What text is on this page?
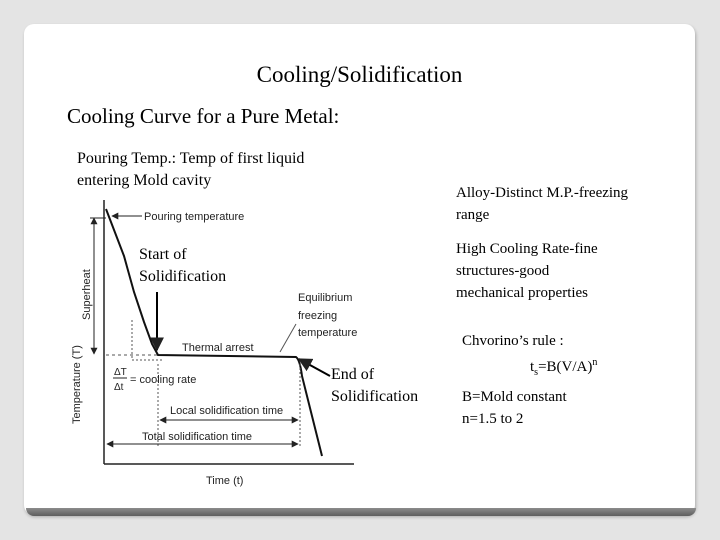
Cooling/Solidification
Cooling Curve for a Pure Metal:
Pouring Temp.: Temp of first liquid
entering Mold cavity
Start of
Solidification
End of
Solidification
Alloy-Distinct M.P.-freezing
range
High Cooling Rate-fine
structures-good
mechanical properties
Chvorino’s rule :
$t_s=B(V/A)^n$
B=Mold constant
n=1.5 to 2
Pouring temperature
Temperature (T)
Superheat	Equilibrium
freezing
temperature
Thermal arrest
ΔT
Δt
= cooling rate
Local solidification time
Total solidification time
Time (t)
